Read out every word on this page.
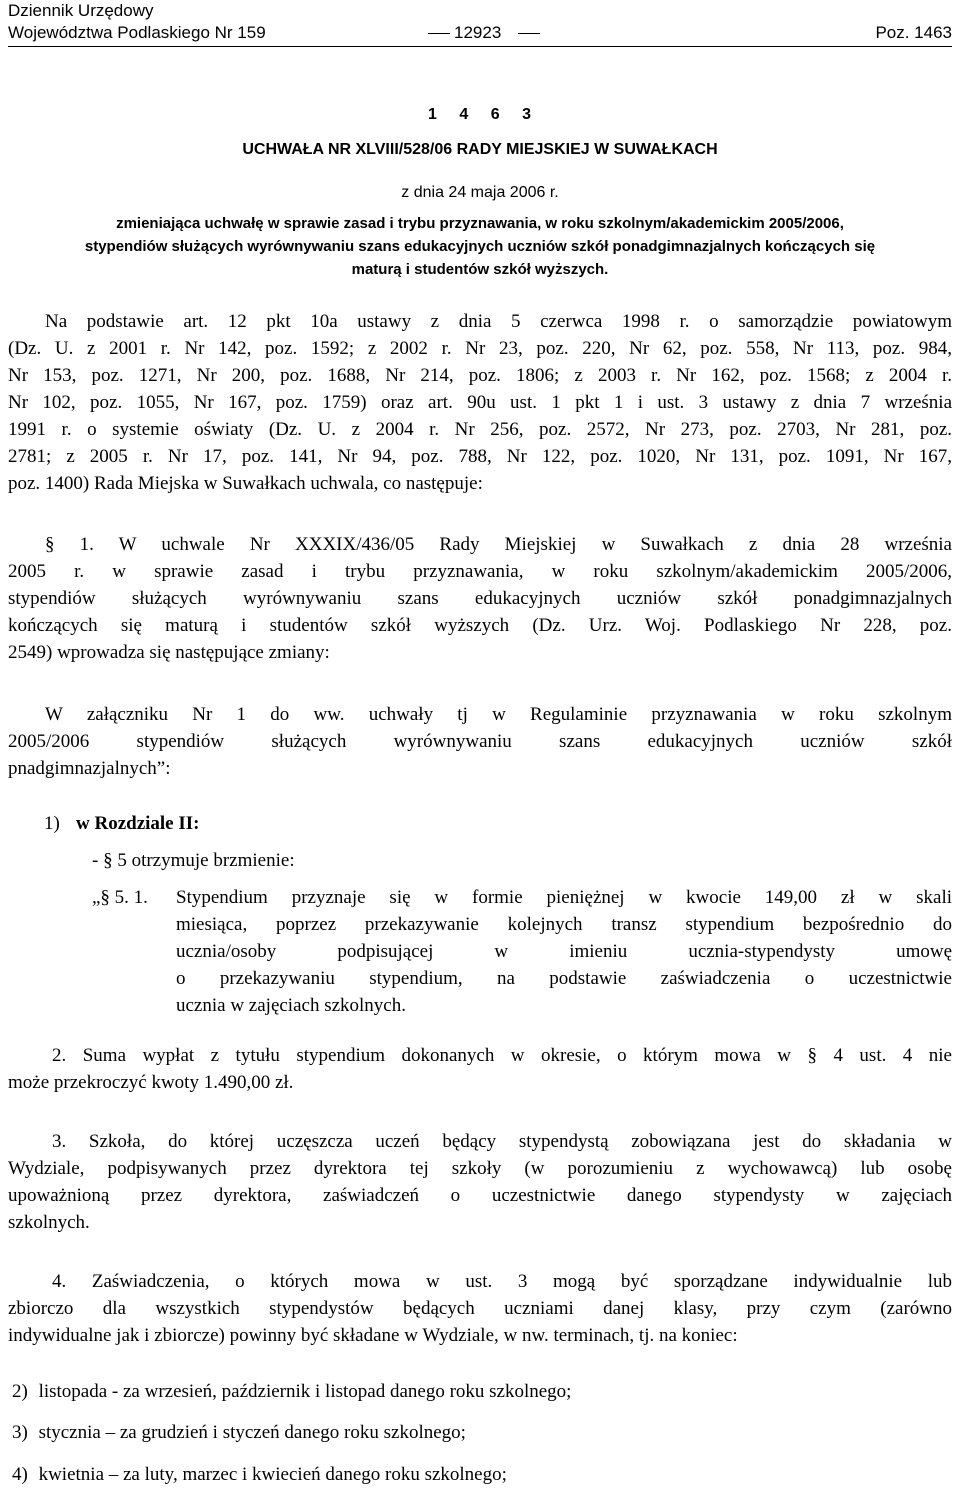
Dziennik Urzędowy
Województwa Podlaskiego Nr 159	12923	Poz. 1463
1 4 6 3
UCHWAŁA NR XLVIII/528/06 RADY MIEJSKIEJ W SUWAŁKACH
z dnia 24 maja 2006 r.
zmieniająca uchwałę w sprawie zasad i trybu przyznawania, w roku szkolnym/akademickim 2005/2006,
stypendiów służących wyrównywaniu szans edukacyjnych uczniów szkół ponadgimnazjalnych kończących się
maturą i studentów szkół wyższych.
Na podstawie art. 12 pkt 10a ustawy z dnia 5 czerwca 1998 r. o samorządzie powiatowym
(Dz. U. z 2001 r. Nr 142, poz. 1592; z 2002 r. Nr 23, poz. 220, Nr 62, poz. 558, Nr 113, poz. 984,
Nr 153, poz. 1271, Nr 200, poz. 1688, Nr 214, poz. 1806; z 2003 r. Nr 162, poz. 1568; z 2004 r.
Nr 102, poz. 1055, Nr 167, poz. 1759) oraz art. 90u ust. 1 pkt 1 i ust. 3 ustawy z dnia 7 września
1991 r. o systemie oświaty (Dz. U. z 2004 r. Nr 256, poz. 2572, Nr 273, poz. 2703, Nr 281, poz.
2781; z 2005 r. Nr 17, poz. 141, Nr 94, poz. 788, Nr 122, poz. 1020, Nr 131, poz. 1091, Nr 167,
poz. 1400) Rada Miejska w Suwałkach uchwala, co następuje:
§ 1. W uchwale Nr XXXIX/436/05 Rady Miejskiej w Suwałkach z dnia 28 września
2005 r. w sprawie zasad i trybu przyznawania, w roku szkolnym/akademickim 2005/2006,
stypendiów służących wyrównywaniu szans edukacyjnych uczniów szkół ponadgimnazjalnych
kończących się maturą i studentów szkół wyższych (Dz. Urz. Woj. Podlaskiego Nr 228, poz.
2549) wprowadza się następujące zmiany:
W załączniku Nr 1 do ww. uchwały tj w Regulaminie przyznawania w roku szkolnym
2005/2006 stypendiów służących wyrównywaniu szans edukacyjnych uczniów szkół
pnadgimnazjalnych”:
1) w Rozdziale II:
- § 5 otrzymuje brzmienie:
„§ 5. 1. Stypendium przyznaje się w formie pieniężnej w kwocie 149,00 zł w skali
miesiąca, poprzez przekazywanie kolejnych transz stypendium bezpośrednio do
ucznia/osoby podpisującej w imieniu ucznia-stypendysty umowę
o przekazywaniu stypendium, na podstawie zaświadczenia o uczestnictwie
ucznia w zajęciach szkolnych.
2. Suma wypłat z tytułu stypendium dokonanych w okresie, o którym mowa w § 4 ust. 4 nie
może przekroczyć kwoty 1.490,00 zł.
3. Szkoła, do której uczęszcza uczeń będący stypendystą zobowiązana jest do składania w
Wydziale, podpisywanych przez dyrektora tej szkoły (w porozumieniu z wychowawcą) lub osobę
upoważnioną przez dyrektora, zaświadczeń o uczestnictwie danego stypendysty w zajęciach
szkolnych.
4. Zaświadczenia, o których mowa w ust. 3 mogą być sporządzane indywidualnie lub
zbiorczo dla wszystkich stypendystów będących uczniami danej klasy, przy czym (zarówno
indywidualne jak i zbiorcze) powinny być składane w Wydziale, w nw. terminach, tj. na koniec:
2) listopada - za wrzesień, październik i listopad danego roku szkolnego;
3) stycznia – za grudzień i styczeń danego roku szkolnego;
4) kwietnia – za luty, marzec i kwiecień danego roku szkolnego;
